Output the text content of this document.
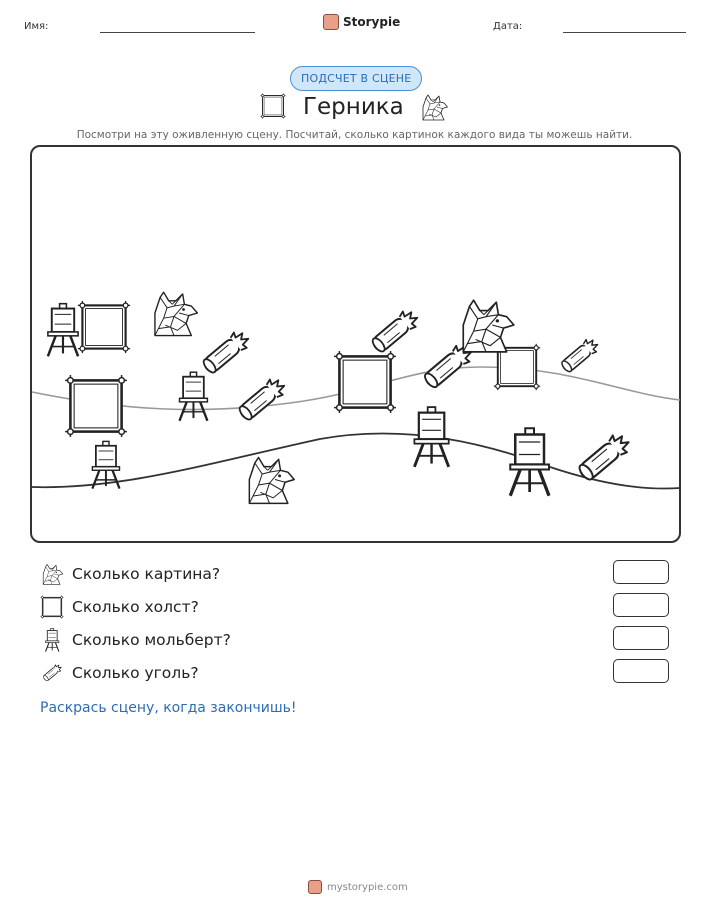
Имя:	Storypie	Дата:
ПОДСЧЕТ В СЦЕНЕ
Герника
Посмотри на эту оживленную сцену. Посчитай, сколько картинок каждого вида ты можешь найти.
Сколько картина?
Сколько холст?
Сколько мольберт?
Сколько уголь?
Раскрась сцену, когда закончишь!
mystorypie.com
